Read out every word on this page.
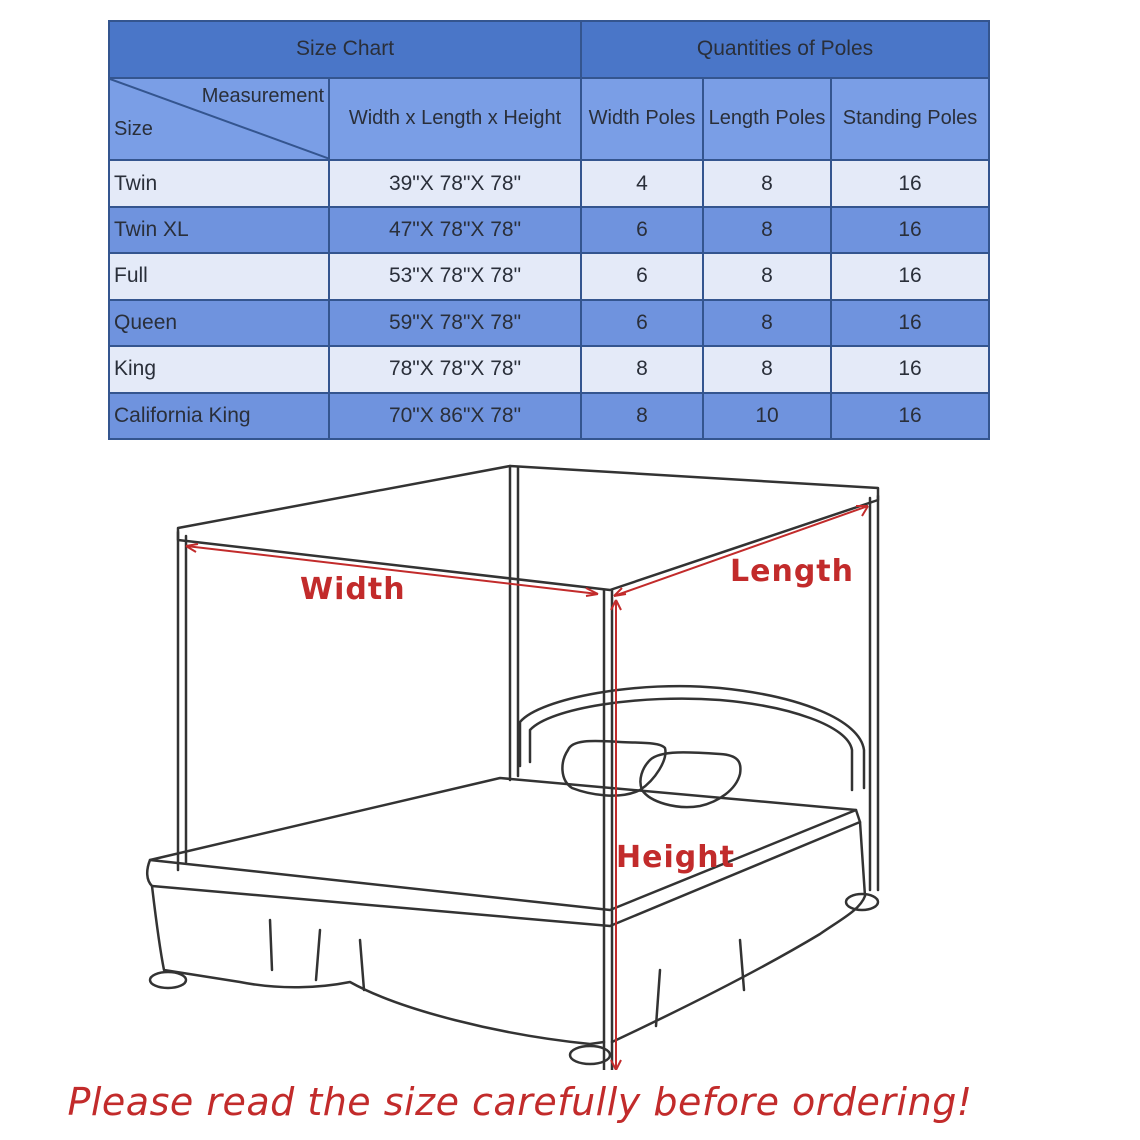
Size Chart		Quantities of Poles		

Measurement
Size	Width x Length x Height	Width Poles	Length Poles	Standing Poles
Twin	39"X 78"X 78"	4	8	16
Twin XL	47"X 78"X 78"	6	8	16
Full	53"X 78"X 78"	6	8	16
Queen	59"X 78"X 78"	6	8	16
King	78"X 78"X 78"	8	8	16
California King	70"X 86"X 78"	8	10	16
Width
Length
Height
Please read the size carefully before ordering!
